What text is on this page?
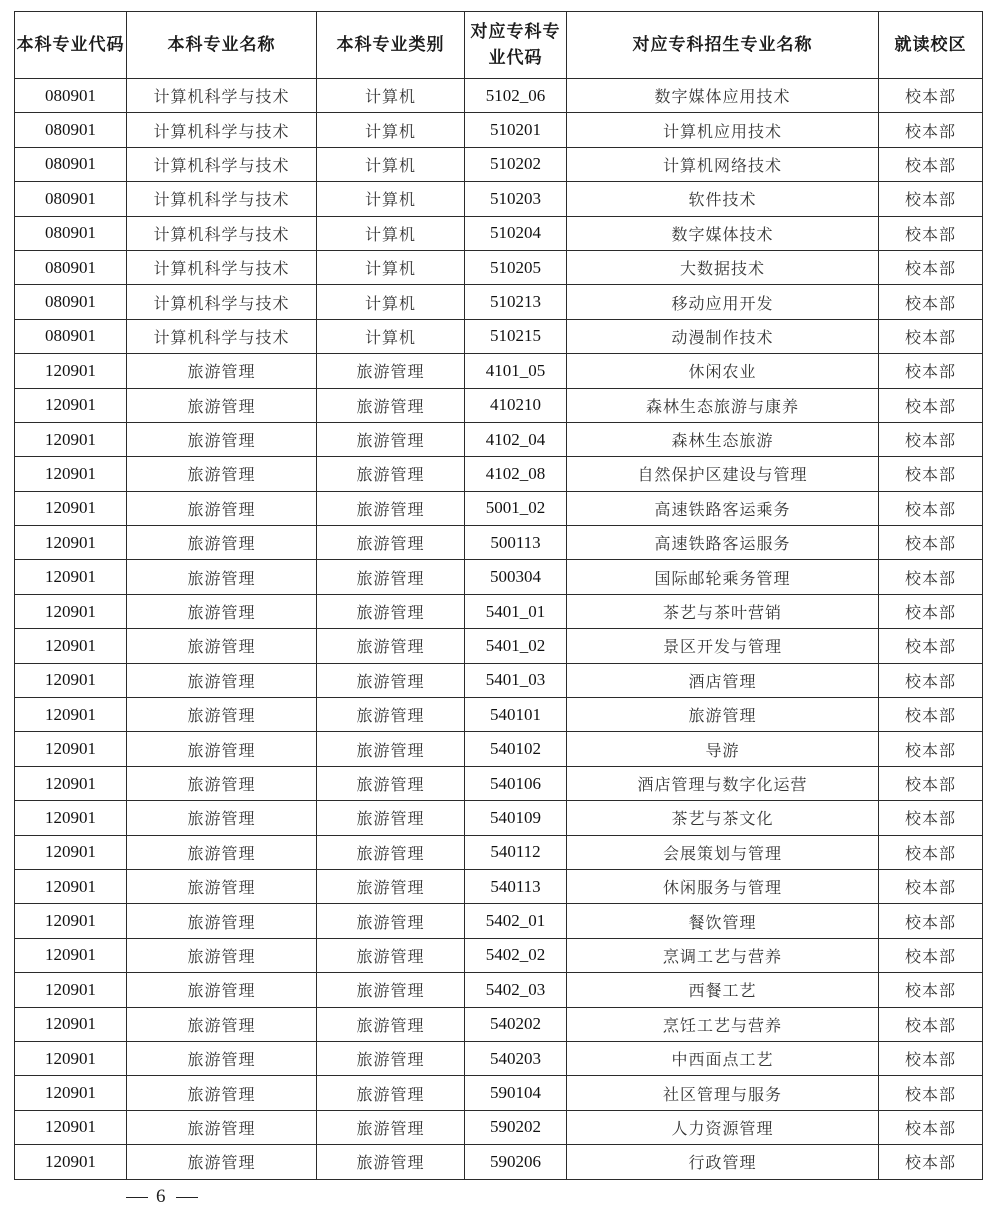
本科专业代码	本科专业名称	本科专业类别	对应专科专业代码	对应专科招生专业名称	就读校区
080901	计算机科学与技术	计算机	5102_06	数字媒体应用技术	校本部
080901	计算机科学与技术	计算机	510201	计算机应用技术	校本部
080901	计算机科学与技术	计算机	510202	计算机网络技术	校本部
080901	计算机科学与技术	计算机	510203	软件技术	校本部
080901	计算机科学与技术	计算机	510204	数字媒体技术	校本部
080901	计算机科学与技术	计算机	510205	大数据技术	校本部
080901	计算机科学与技术	计算机	510213	移动应用开发	校本部
080901	计算机科学与技术	计算机	510215	动漫制作技术	校本部
120901	旅游管理	旅游管理	4101_05	休闲农业	校本部
120901	旅游管理	旅游管理	410210	森林生态旅游与康养	校本部
120901	旅游管理	旅游管理	4102_04	森林生态旅游	校本部
120901	旅游管理	旅游管理	4102_08	自然保护区建设与管理	校本部
120901	旅游管理	旅游管理	5001_02	高速铁路客运乘务	校本部
120901	旅游管理	旅游管理	500113	高速铁路客运服务	校本部
120901	旅游管理	旅游管理	500304	国际邮轮乘务管理	校本部
120901	旅游管理	旅游管理	5401_01	茶艺与茶叶营销	校本部
120901	旅游管理	旅游管理	5401_02	景区开发与管理	校本部
120901	旅游管理	旅游管理	5401_03	酒店管理	校本部
120901	旅游管理	旅游管理	540101	旅游管理	校本部
120901	旅游管理	旅游管理	540102	导游	校本部
120901	旅游管理	旅游管理	540106	酒店管理与数字化运营	校本部
120901	旅游管理	旅游管理	540109	茶艺与茶文化	校本部
120901	旅游管理	旅游管理	540112	会展策划与管理	校本部
120901	旅游管理	旅游管理	540113	休闲服务与管理	校本部
120901	旅游管理	旅游管理	5402_01	餐饮管理	校本部
120901	旅游管理	旅游管理	5402_02	烹调工艺与营养	校本部
120901	旅游管理	旅游管理	5402_03	西餐工艺	校本部
120901	旅游管理	旅游管理	540202	烹饪工艺与营养	校本部
120901	旅游管理	旅游管理	540203	中西面点工艺	校本部
120901	旅游管理	旅游管理	590104	社区管理与服务	校本部
120901	旅游管理	旅游管理	590202	人力资源管理	校本部
120901	旅游管理	旅游管理	590206	行政管理	校本部
6
